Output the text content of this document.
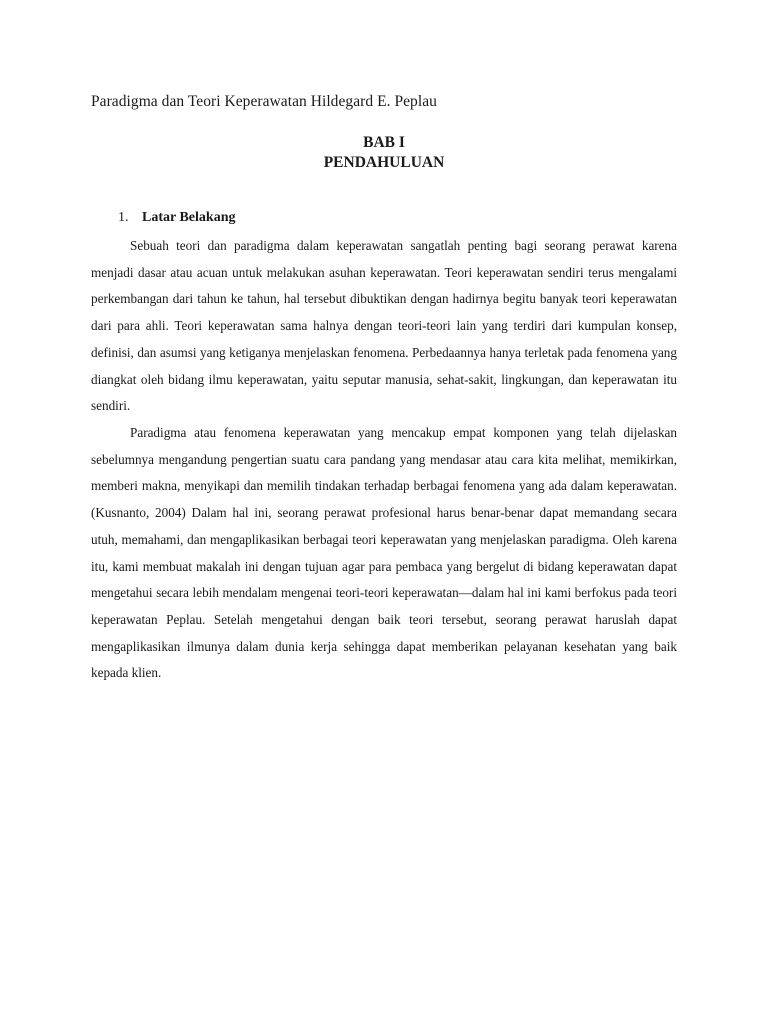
Paradigma dan Teori Keperawatan Hildegard E. Peplau
BAB I
PENDAHULUAN
1. Latar Belakang

Sebuah teori dan paradigma dalam keperawatan sangatlah penting bagi seorang perawat karena menjadi dasar atau acuan untuk melakukan asuhan keperawatan. Teori keperawatan sendiri terus mengalami perkembangan dari tahun ke tahun, hal tersebut dibuktikan dengan hadirnya begitu banyak teori keperawatan dari para ahli. Teori keperawatan sama halnya dengan teori-teori lain yang terdiri dari kumpulan konsep, definisi, dan asumsi yang ketiganya menjelaskan fenomena. Perbedaannya hanya terletak pada fenomena yang diangkat oleh bidang ilmu keperawatan, yaitu seputar manusia, sehat-sakit, lingkungan, dan keperawatan itu sendiri.

Paradigma atau fenomena keperawatan yang mencakup empat komponen yang telah dijelaskan sebelumnya mengandung pengertian suatu cara pandang yang mendasar atau cara kita melihat, memikirkan, memberi makna, menyikapi dan memilih tindakan terhadap berbagai fenomena yang ada dalam keperawatan. (Kusnanto, 2004) Dalam hal ini, seorang perawat profesional harus benar-benar dapat memandang secara utuh, memahami, dan mengaplikasikan berbagai teori keperawatan yang menjelaskan paradigma. Oleh karena itu, kami membuat makalah ini dengan tujuan agar para pembaca yang bergelut di bidang keperawatan dapat mengetahui secara lebih mendalam mengenai teori-teori keperawatan—dalam hal ini kami berfokus pada teori keperawatan Peplau. Setelah mengetahui dengan baik teori tersebut, seorang perawat haruslah dapat mengaplikasikan ilmunya dalam dunia kerja sehingga dapat memberikan pelayanan kesehatan yang baik kepada klien.
